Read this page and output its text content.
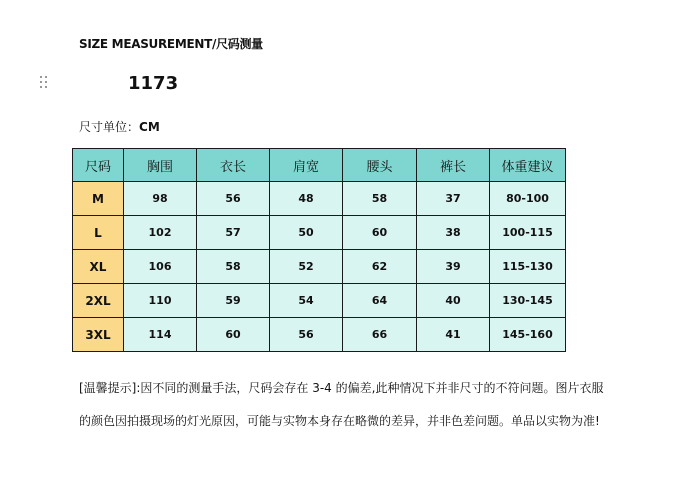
SIZE MEASUREMENT/尺码测量
1173
尺寸单位：CM
尺码	胸围	衣长	肩宽	腰头	裤长	体重建议
M	98	56	48	58	37	80-100
L	102	57	50	60	38	100-115
XL	106	58	52	62	39	115-130
2XL	110	59	54	64	40	130-145
3XL	114	60	56	66	41	145-160
[温馨提示]:因不同的测量手法，尺码会存在 3-4 的偏差,此种情况下并非尺寸的不符问题。图片衣服
的颜色因拍摄现场的灯光原因，可能与实物本身存在略微的差异，并非色差问题。单品以实物为准!
